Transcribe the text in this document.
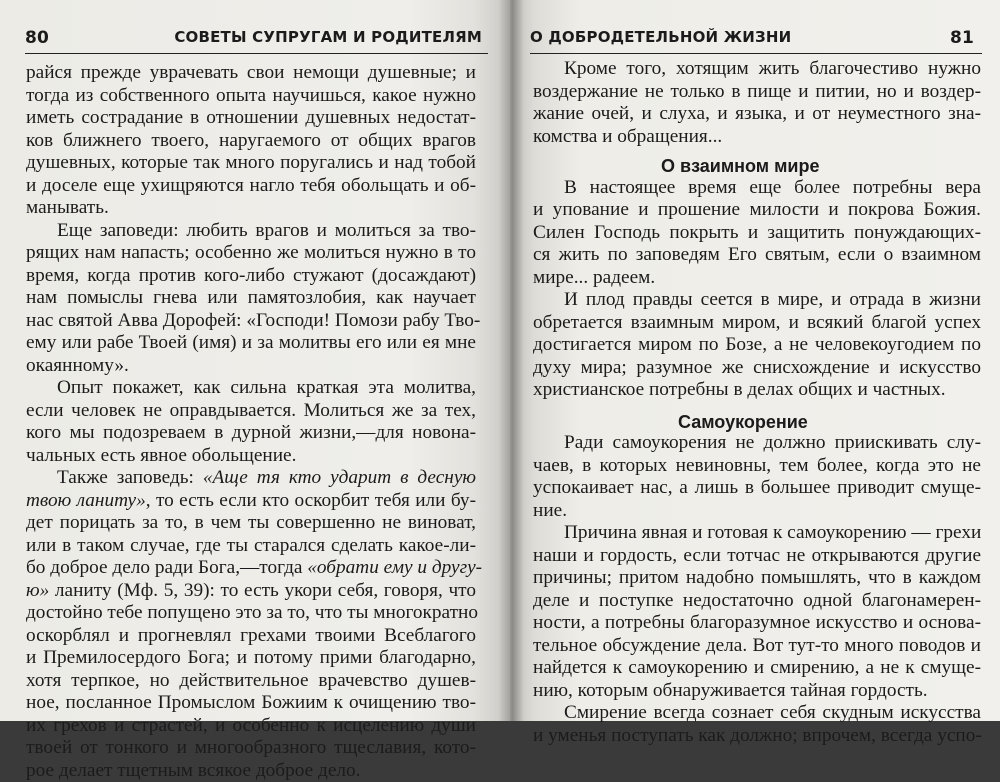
80	СОВЕТЫ СУПРУГАМ И РОДИТЕЛЯМ
райся прежде уврачевать свои немощи душевные; и
тогда из собственного опыта научишься, какое нужно
иметь сострадание в отношении душевных недостат-
ков ближнего твоего, наругаемого от общих врагов
душевных, которые так много поругались и над тобой
и доселе еще ухищряются нагло тебя обольщать и об-
манывать.
Еще заповеди: любить врагов и молиться за тво-
рящих нам напасть; особенно же молиться нужно в то
время, когда против кого-либо стужают (досаждают)
нам помыслы гнева или памятозлобия, как научает
нас святой Авва Дорофей: «Господи! Помози рабу Тво-
ему или рабе Твоей (имя) и за молитвы его или ея мне
окаянному».
Опыт покажет, как сильна краткая эта молитва,
если человек не оправдывается. Молиться же за тех,
кого мы подозреваем в дурной жизни,—для новона-
чальных есть явное обольщение.
Также заповедь: «Аще тя кто ударит в десную
твою ланиту», то есть если кто оскорбит тебя или бу-
дет порицать за то, в чем ты совершенно не виноват,
или в таком случае, где ты старался сделать какое-ли-
бо доброе дело ради Бога,—тогда «обрати ему и другу-
ю» ланиту (Мф. 5, 39): то есть укори себя, говоря, что
достойно тебе попущено это за то, что ты многократно
оскорблял и прогневлял грехами твоими Всеблагого
и Премилосердого Бога; и потому прими благодарно,
хотя терпкое, но действительное врачевство душев-
ное, посланное Промыслом Божиим к очищению тво-
их грехов и страстей, и особенно к исцелению души
твоей от тонкого и многообразного тщеславия, кото-
рое делает тщетным всякое доброе дело.
О ДОБРОДЕТЕЛЬНОЙ ЖИЗНИ	81
Кроме того, хотящим жить благочестиво нужно
воздержание не только в пище и питии, но и воздер-
жание очей, и слуха, и языка, и от неуместного зна-
комства и обращения...
О взаимном мире
В настоящее время еще более потребны вера
и упование и прошение милости и покрова Божия.
Силен Господь покрыть и защитить понуждающих-
ся жить по заповедям Его святым, если о взаимном
мире... радеем.
И плод правды сеется в мире, и отрада в жизни
обретается взаимным миром, и всякий благой успех
достигается миром по Бозе, а не человекоугодием по
духу мира; разумное же снисхождение и искусство
христианское потребны в делах общих и частных.
Самоукорение
Ради самоукорения не должно приискивать слу-
чаев, в которых невиновны, тем более, когда это не
успокаивает нас, а лишь в большее приводит смуще-
ние.
Причина явная и готовая к самоукорению — грехи
наши и гордость, если тотчас не открываются другие
причины; притом надобно помышлять, что в каждом
деле и поступке недостаточно одной благонамерен-
ности, а потребны благоразумное искусство и основа-
тельное обсуждение дела. Вот тут-то много поводов и
найдется к самоукорению и смирению, а не к смуще-
нию, которым обнаруживается тайная гордость.
Смирение всегда сознает себя скудным искусства
и уменья поступать как должно; впрочем, всегда успо-
